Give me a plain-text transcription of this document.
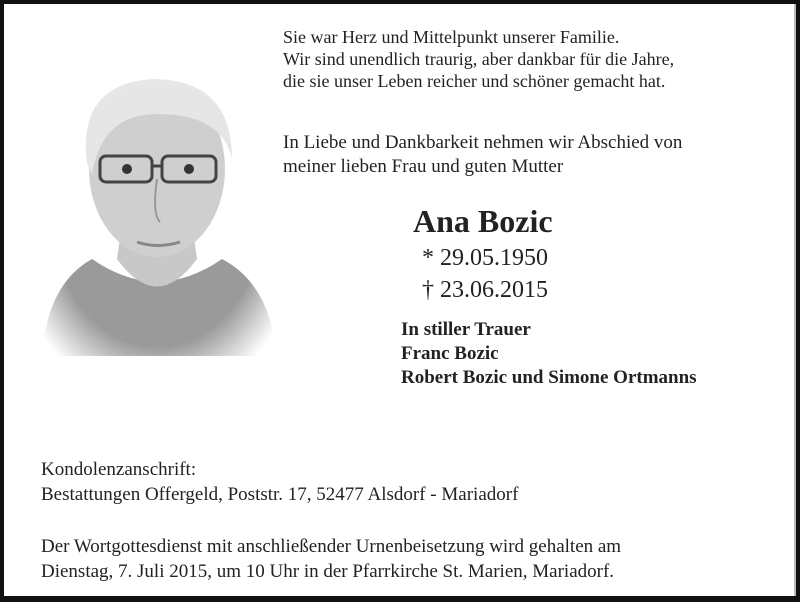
Sie war Herz und Mittelpunkt unserer Familie.
Wir sind unendlich traurig, aber dankbar für die Jahre,
die sie unser Leben reicher und schöner gemacht hat.
In Liebe und Dankbarkeit nehmen wir Abschied von
meiner lieben Frau und guten Mutter
Ana Bozic
* 29.05.1950
† 23.06.2015
In stiller Trauer
Franc Bozic
Robert Bozic und Simone Ortmanns
Kondolenzanschrift:
Bestattungen Offergeld, Poststr. 17, 52477 Alsdorf - Mariadorf
Der Wortgottesdienst mit anschließender Urnenbeisetzung wird gehalten am
Dienstag, 7. Juli 2015, um 10 Uhr in der Pfarrkirche St. Marien, Mariadorf.
